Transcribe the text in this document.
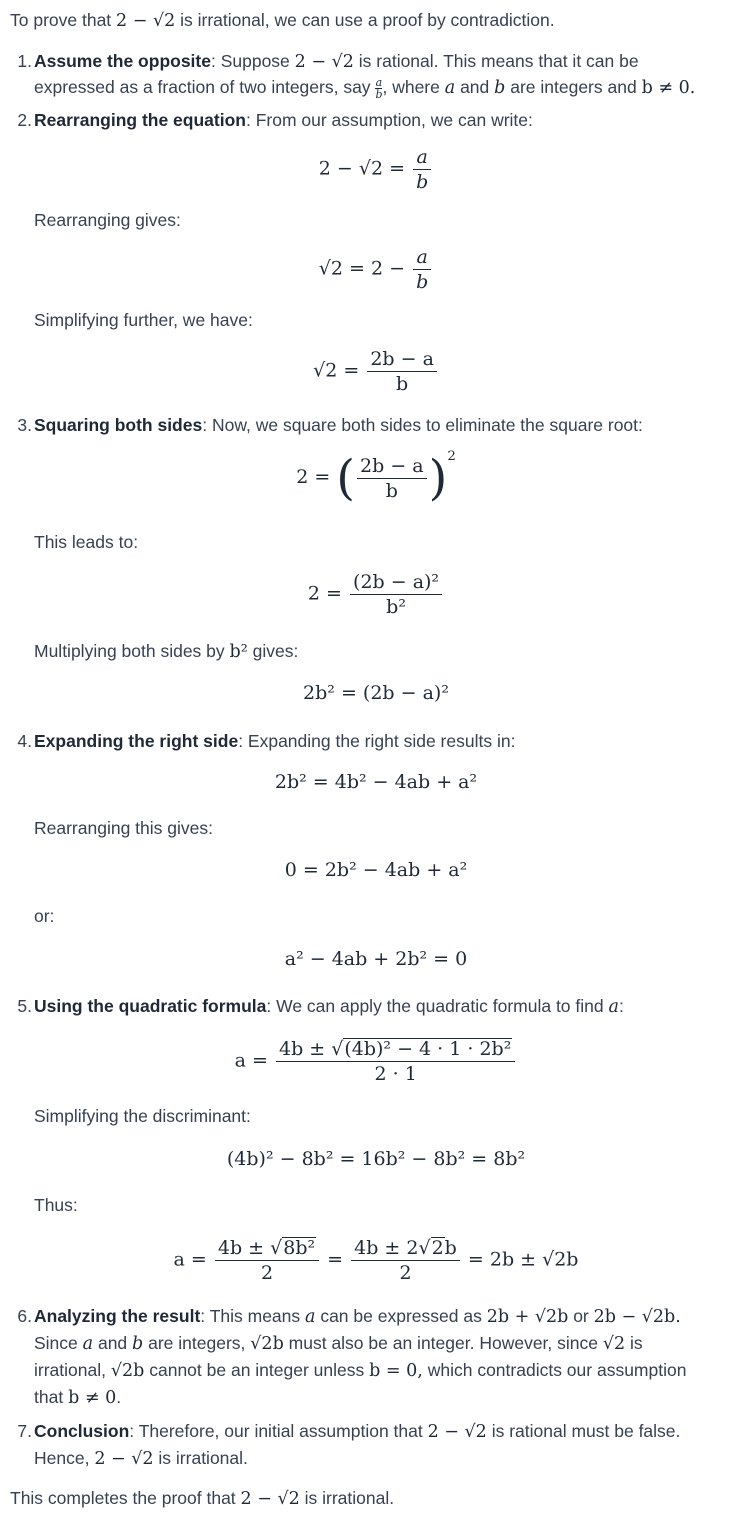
To prove that 2 − √2 is irrational, we can use a proof by contradiction.
1. Assume the opposite: Suppose 2 − √2 is rational. This means that it can be
expressed as a fraction of two integers, say $\frac{a}{b}$ , where a and b are integers and b ≠ 0.
2. Rearranging the equation: From our assumption, we can write:
$2 - √2 = \frac{a}{b}$
Rearranging gives:
$√2 = 2 - \frac{a}{b}$
Simplifying further, we have:
$√2 = \frac{2b - a}{b}$
3. Squaring both sides: Now, we square both sides to eliminate the square root:
2 = ( $\frac{2b - a}{b} )^2$
This leads to:
$2 = \frac{\text{(2b − a)²}}{\text{b²}}$
Multiplying both sides by b² gives:
2b² = (2b − a)²
4. Expanding the right side: Expanding the right side results in:
2b² = 4b² − 4ab + a²
Rearranging this gives:
0 = 2b² − 4ab + a²
or:
a² − 4ab + 2b² = 0
5. Using the quadratic formula: We can apply the quadratic formula to find a:
$a = \frac{\text{4b ± √(4b)² − 4 · 1 · 2b²}}{2 \cdot 1}$
Simplifying the discriminant:
(4b)² − 8b² = 16b² − 8b² = 8b²
Thus:
$a = \frac{\text{4b ± √8b²}}{2} = \frac{4b \pm 2√2b}{2} = 2b \pm √2b$
6. Analyzing the result: This means a can be expressed as 2b + √2b or 2b − √2b.
Since a and b are integers, √2b must also be an integer. However, since √2 is
irrational, √2b cannot be an integer unless b = 0, which contradicts our assumption
that b ≠ 0.
7. Conclusion: Therefore, our initial assumption that 2 − √2 is rational must be false.
Hence, 2 − √2 is irrational.
This completes the proof that 2 − √2 is irrational.
